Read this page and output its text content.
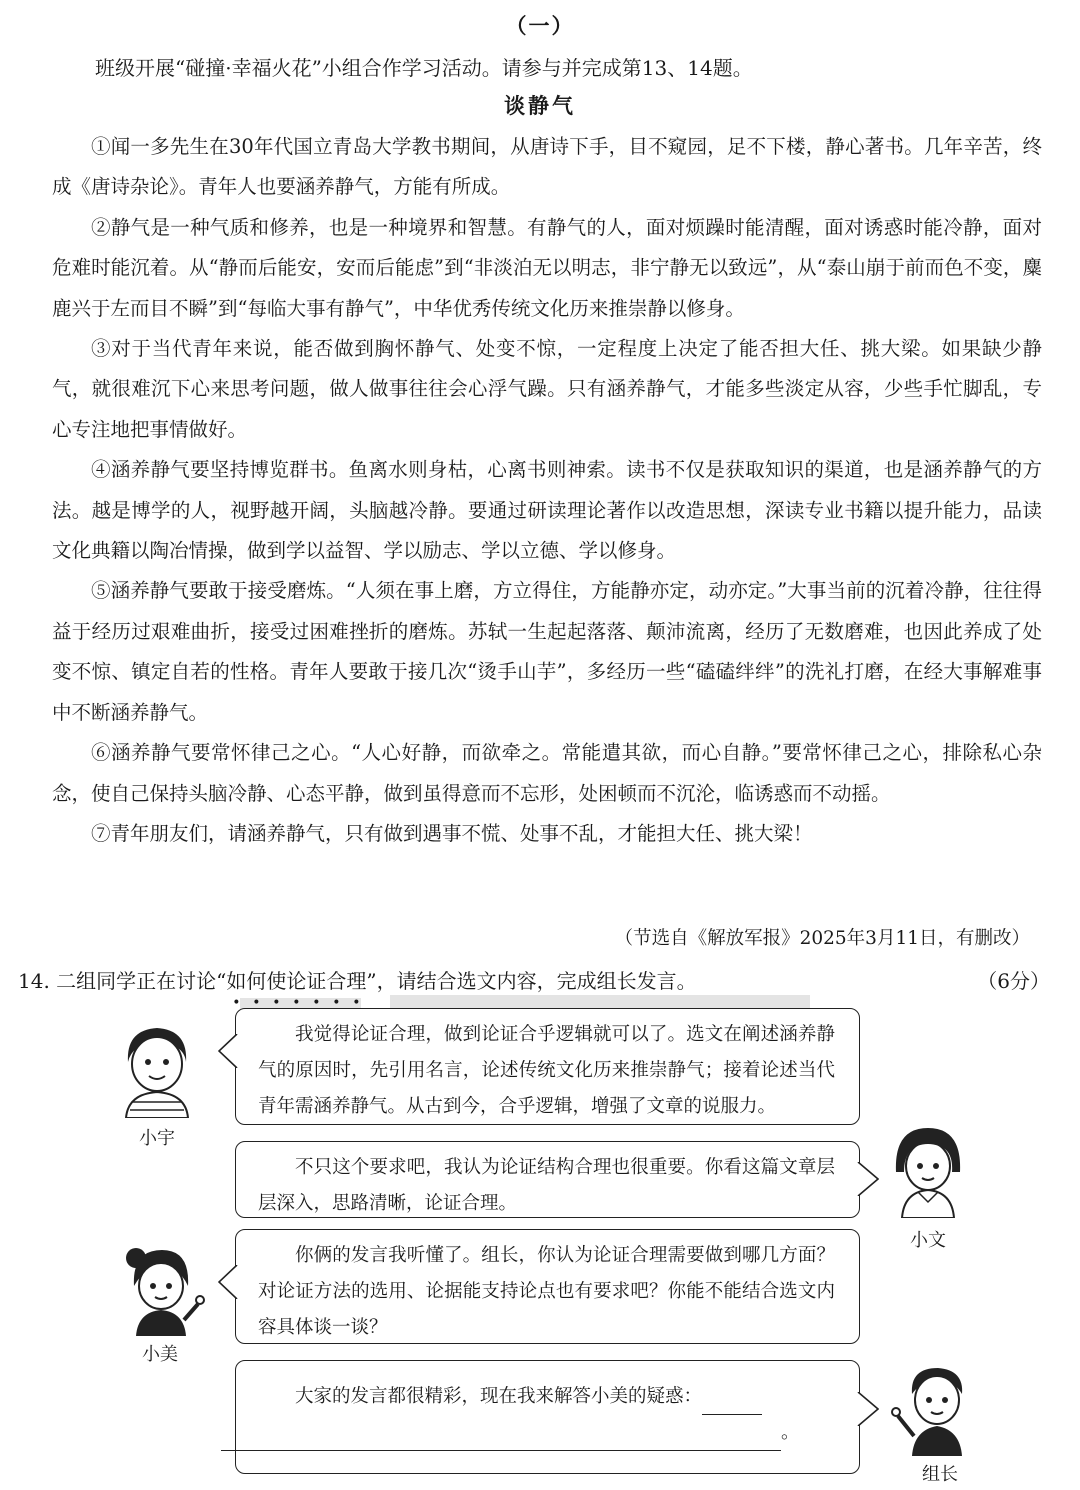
（一）
班级开展“碰撞·幸福火花”小组合作学习活动。请参与并完成第13、14题。
谈静气

①闻一多先生在30年代国立青岛大学教书期间，从唐诗下手，目不窥园，足不下楼，静心著书。几年辛苦，终成《唐诗杂论》。青年人也要涵养静气，方能有所成。

②静气是一种气质和修养，也是一种境界和智慧。有静气的人，面对烦躁时能清醒，面对诱惑时能冷静，面对危难时能沉着。从“静而后能安，安而后能虑”到“非淡泊无以明志，非宁静无以致远”，从“泰山崩于前而色不变，麋鹿兴于左而目不瞬”到“每临大事有静气”，中华优秀传统文化历来推崇静以修身。

③对于当代青年来说，能否做到胸怀静气、处变不惊，一定程度上决定了能否担大任、挑大梁。如果缺少静气，就很难沉下心来思考问题，做人做事往往会心浮气躁。只有涵养静气，才能多些淡定从容，少些手忙脚乱，专心专注地把事情做好。

④涵养静气要坚持博览群书。鱼离水则身枯，心离书则神索。读书不仅是获取知识的渠道，也是涵养静气的方法。越是博学的人，视野越开阔，头脑越冷静。要通过研读理论著作以改造思想，深读专业书籍以提升能力，品读文化典籍以陶冶情操，做到学以益智、学以励志、学以立德、学以修身。

⑤涵养静气要敢于接受磨炼。“人须在事上磨，方立得住，方能静亦定，动亦定。”大事当前的沉着冷静，往往得益于经历过艰难曲折，接受过困难挫折的磨炼。苏轼一生起起落落、颠沛流离，经历了无数磨难，也因此养成了处变不惊、镇定自若的性格。青年人要敢于接几次“烫手山芋”，多经历一些“磕磕绊绊”的洗礼打磨，在经大事解难事中不断涵养静气。

⑥涵养静气要常怀律己之心。“人心好静，而欲牵之。常能遣其欲，而心自静。”要常怀律己之心，排除私心杂念，使自己保持头脑冷静、心态平静，做到虽得意而不忘形，处困顿而不沉沦，临诱惑而不动摇。

⑦青年朋友们，请涵养静气，只有做到遇事不慌、处事不乱，才能担大任、挑大梁！

（节选自《解放军报》2025年3月11日，有删改）
14. 二组同学正在讨论“如何使论证合理”，请结合选文内容，完成组长发言。	（6分）
小宇
我觉得论证合理，做到论证合乎逻辑就可以了。选文在阐述涵养静气的原因时，先引用名言，论述传统文化历来推崇静气；接着论述当代青年需涵养静气。从古到今，合乎逻辑，增强了文章的说服力。
不只这个要求吧，我认为论证结构合理也很重要。你看这篇文章层层深入，思路清晰，论证合理。
小文
小美
你俩的发言我听懂了。组长，你认为论证合理需要做到哪几方面？对论证方法的选用、论据能支持论点也有要求吧？你能不能结合选文内容具体谈一谈？
大家的发言都很精彩，现在我来解答小美的疑惑：
。
组长
